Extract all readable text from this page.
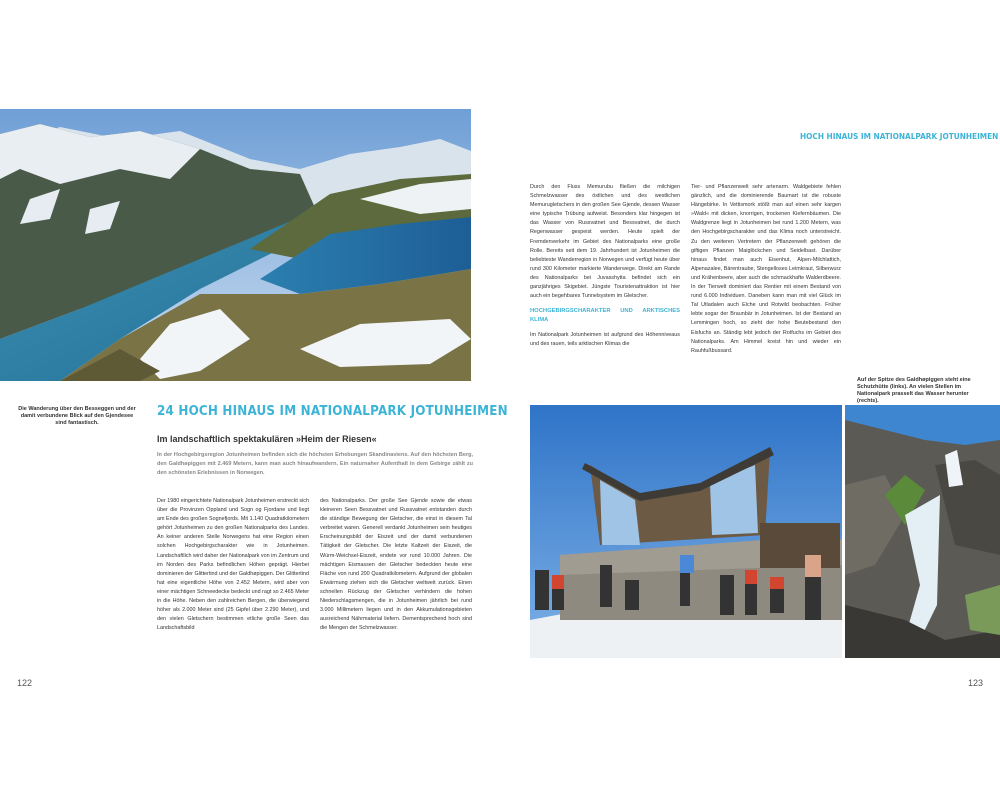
Die Wanderung über den Besseggen und der damit verbundene Blick auf den Gjendesee sind fantastisch.
24 HOCH HINAUS IM NATIONALPARK JOTUNHEIMEN
Im landschaftlich spektakulären »Heim der Riesen«
In der Hochgebirgsregion Jotunheimen befinden sich die höchsten Erhebungen Skandinaviens. Auf den höchsten Berg, den Galdhøpiggen mit 2.469 Metern, kann man auch hinaufwandern. Ein naturnaher Aufenthalt in dem Gebirge zählt zu den schönsten Erlebnissen in Norwegen.
Der 1980 eingerichtete Nationalpark Jotunheimen erstreckt sich über die Provinzen Oppland und Sogn og Fjordane und liegt am Ende des großen Sognefjords. Mit 1.140 Quadratkilometern gehört Jotunheimen zu den großen Nationalparks des Landes. An keiner anderen Stelle Norwegens hat eine Region einen solchen Hochgebirgscharakter wie in Jotunheimen. Landschaftlich wird daher der Nationalpark von im Zentrum und im Norden des Parks befindlichen Höhen geprägt. Hierbei dominieren der Glittertind und der Galdhøpiggen. Der Glittertind hat eine eigentliche Höhe von 2.452 Metern, wird aber von einer mächtigen Schneedecke bedeckt und ragt so 2.465 Meter in die Höhe. Neben den zahlreichen Bergen, die überwiegend höher als 2.000 Meter sind (25 Gipfel über 2.290 Meter), und den vielen Gletschern bestimmen etliche große Seen das Landschaftsbild
des Nationalparks. Der große See Gjende sowie die etwas kleineren Seen Bessvatnet und Russvatnet entstanden durch die ständige Bewegung der Gletscher, die einst in diesem Tal verbreitet waren. Generell verdankt Jotunheimen sein heutiges Erscheinungsbild der Eiszeit und der damit verbundenen Tätigkeit der Gletscher. Die letzte Kaltzeit der Eiszeit, die Würm-Weichsel-Eiszeit, endete vor rund 10.000 Jahren. Die mächtigen Eismassen der Gletscher bedeckten heute eine Fläche von rund 200 Quadratkilometern. Aufgrund der globalen Erwärmung ziehen sich die Gletscher weltweit zurück. Einen schnellen Rückzug der Gletscher verhindern die hohen Niederschlagsmengen, die in Jotunheimen jährlich bei rund 3.000 Millimetern liegen und in den Akkumulationsgebieten ausreichend Nährmaterial liefern. Dementsprechend hoch sind die Mengen der Schmelzwasser.
122
HOCH HINAUS IM NATIONALPARK JOTUNHEIMEN

Durch den Fluss Memurubu fließen die milchigen Schmelzwasser des östlichen und des westlichen Memurugletschers in den großen See Gjende, dessen Wasser eine typische Trübung aufweist. Besonders klar hingegen ist das Wasser von Russvatnet und Bessvatnet, die durch Regenwasser gespeist werden. Heute spielt der Fremdenverkehr im Gebiet des Nationalparks eine große Rolle. Bereits seit dem 19. Jahrhundert ist Jotunheimen die beliebteste Wanderregion in Norwegen und verfügt heute über rund 300 Kilometer markierte Wanderwege. Direkt am Rande des Nationalparks bei Juvasshytta befindet sich ein ganzjähriges Skigebiet. Jüngste Touristenattraktion ist hier auch ein begehbares Tunnelsystem im Gletscher.

HOCHGEBIRGSCHARAKTER UND ARKTISCHES KLIMA

Im Nationalpark Jotunheimen ist aufgrund des Höhenniveaus und des rauen, teils arktischen Klimas die

Tier- und Pflanzenwelt sehr artenarm. Waldgebiete fehlen gänzlich, und die dominierende Baumart ist die robuste Hängebirke. In Vettismork stößt man auf einen sehr kargen »Wald« mit dicken, knorrigen, trockenen Kiefernbäumen. Die Waldgrenze liegt in Jotunheimen bei rund 1.200 Metern, was den Hochgebirgscharakter und das Klima noch unterstreicht. Zu den weiteren Vertretern der Pflanzenwelt gehören die giftigen Pflanzen Maiglöckchen und Seidelbast. Darüber hinaus findet man auch Eisenhut, Alpen-Milchlattich, Alpenazalee, Bärentraube, Stengelloses Leimkraut, Silberwurz und Krähenbeere, aber auch die schmackhafte Walderdbeere. In der Tierwelt dominiert das Rentier mit einem Bestand von rund 6.000 Individuen. Daneben kann man mit viel Glück im Tal Utladalen auch Elche und Rotwild beobachten. Früher lebte sogar der Braunbär in Jotunheimen. Ist der Bestand an Lemmingen hoch, so zieht der hohe Beutebestand den Eisfuchs an. Ständig lebt jedoch der Rotfuchs im Gebiet des Nationalparks. Am Himmel kreist hin und wieder ein Rauhfußbussard.
Auf der Spitze des Galdhøpiggen steht eine Schutzhütte (links). An vielen Stellen im Nationalpark prasselt das Wasser herunter (rechts).
123
